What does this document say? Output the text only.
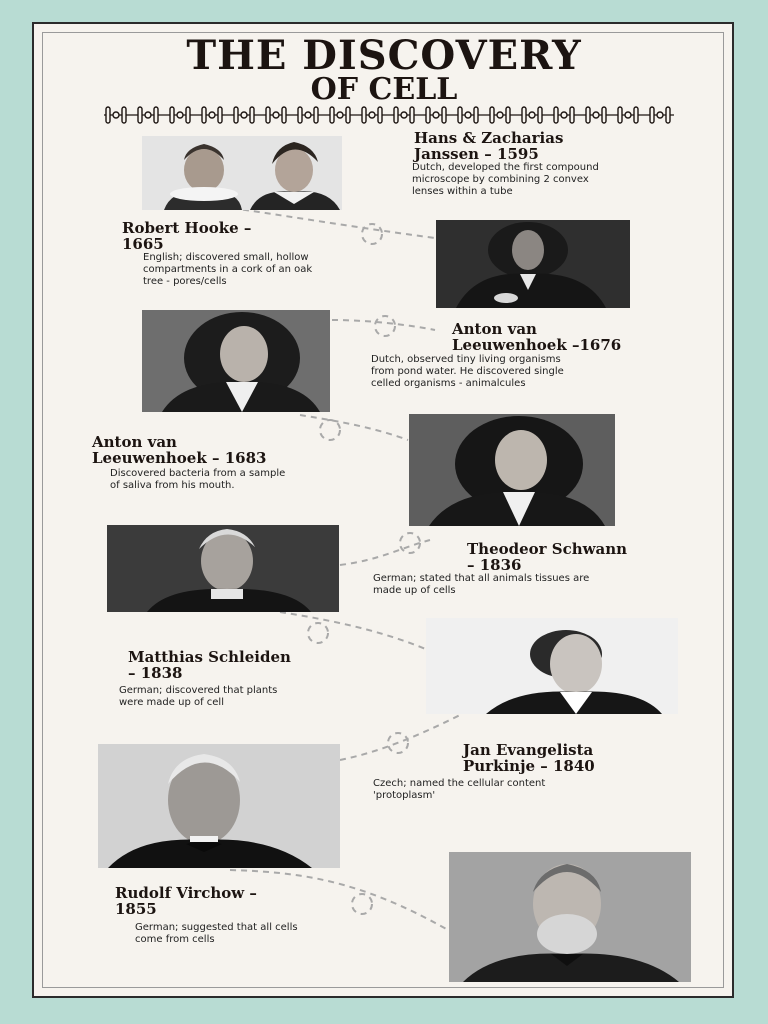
THE DISCOVERY
OF CELL

Hans & Zacharias

Janssen – 1595

Dutch, developed the first compound

microscope by combining 2 convex

lenses within a tube

Robert Hooke –

1665

English; discovered small, hollow

compartments in a cork of an oak

tree - pores/cells

Anton van

Leeuwenhoek –1676

Dutch, observed tiny living organisms

from pond water. He discovered single

celled organisms - animalcules

Anton van

Leeuwenhoek – 1683

Discovered bacteria from a sample

of saliva from his mouth.

Theodeor Schwann

– 1836

German; stated that all animals tissues are

made up of cells

Matthias Schleiden

– 1838

German; discovered that plants

were made up of cell

Jan Evangelista

Purkinje – 1840

Czech; named the cellular content

'protoplasm'

Rudolf Virchow –

1855

German; suggested that all cells

come from cells
